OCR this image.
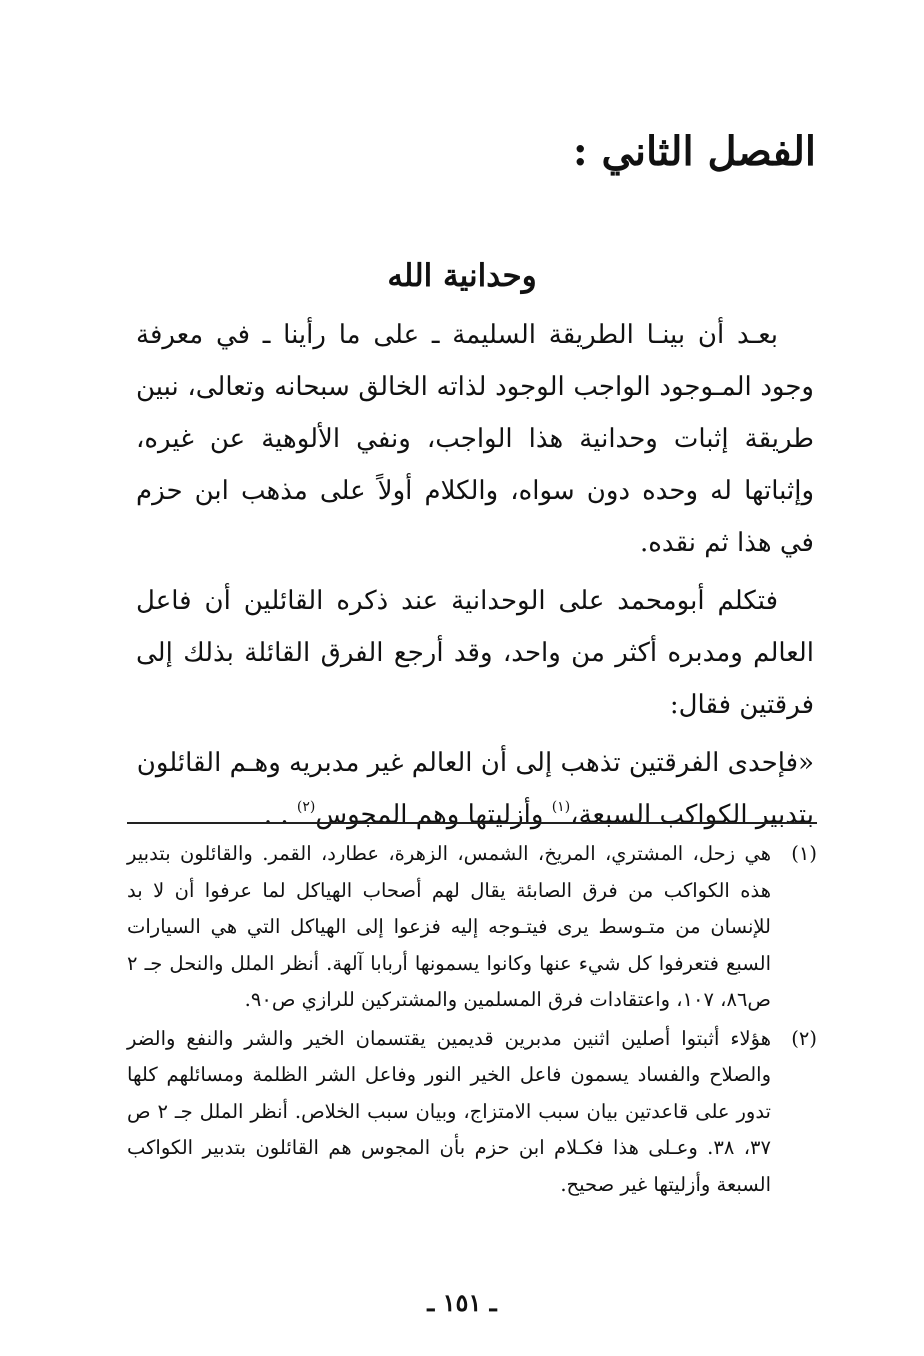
الفصل الثاني :
وحدانية الله

بعـد أن بينـا الطريقة السليمة ـ على ما رأينا ـ في معرفة وجود المـوجود الواجب الوجود لذاته الخالق سبحانه وتعالى، نبين طريقة إثبات وحدانية هذا الواجب، ونفي الألوهية عن غيره، وإثباتها له وحده دون سواه، والكلام أولاً على مذهب ابن حزم في هذا ثم نقده.

فتكلم أبومحمد على الوحدانية عند ذكره القائلين أن فاعل العالم ومدبره أكثر من واحد، وقد أرجع الفرق القائلة بذلك إلى فرقتين فقال:

«فإحدى الفرقتين تذهب إلى أن العالم غير مدبريه وهـم القائلون بتدبير الكواكب السبعة،$^{(١)}$ وأزليتها وهم المجوس$^{(٢)}$ . .

(١)
هي زحل، المشتري، المريخ، الشمس، الزهرة، عطارد، القمر. والقائلون بتدبير هذه الكواكب من فرق الصابئة يقال لهم أصحاب الهياكل لما عرفوا أن لا بد للإنسان من متـوسط يرى فيتـوجه إليه فزعوا إلى الهياكل التي هي السيارات السبع فتعرفوا كل شيء عنها وكانوا يسمونها أربابا آلهة. أنظر الملل والنحل جـ ٢ ص٨٦، ١٠٧، واعتقادات فرق المسلمين والمشتركين للرازي ص٩٠.
(٢)
هؤلاء أثبتوا أصلين اثنين مدبرين قديمين يقتسمان الخير والشر والنفع والضر والصلاح والفساد يسمون فاعل الخير النور وفاعل الشر الظلمة ومسائلهم كلها تدور على قاعدتين بيان سبب الامتزاج، وبيان سبب الخلاص. أنظر الملل جـ ٢ ص ٣٧، ٣٨. وعـلى هذا فكـلام ابن حزم بأن المجوس هم القائلون بتدبير الكواكب السبعة وأزليتها غير صحيح.
ـ ١٥١ ـ
